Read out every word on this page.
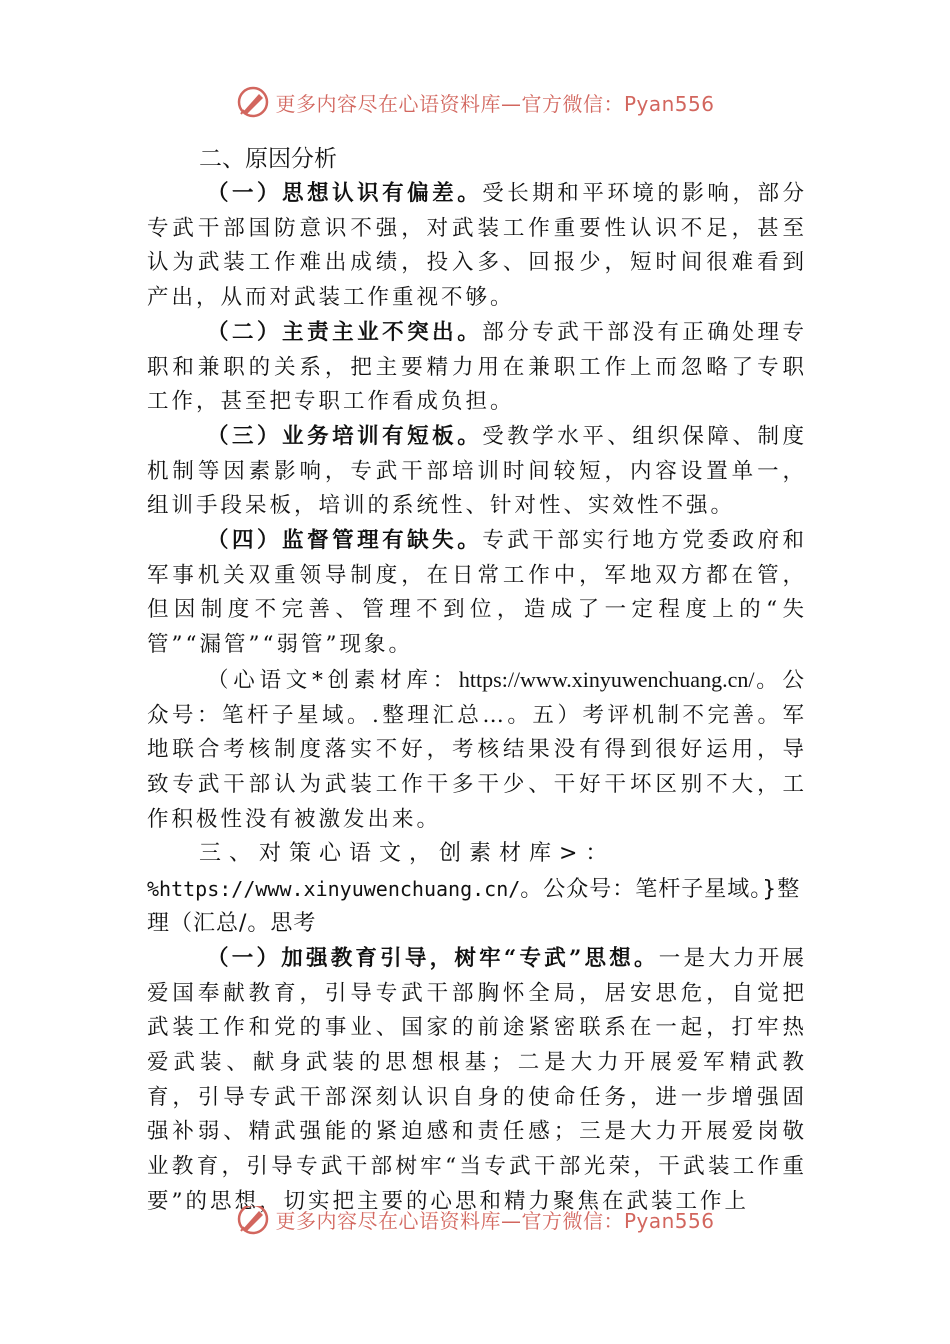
更多内容尽在心语资料库—官方微信：Pyan556

二、原因分析

（一）思想认识有偏差。受长期和平环境的影响，部分专武干部国防意识不强，对武装工作重要性认识不足，甚至认为武装工作难出成绩，投入多、回报少，短时间很难看到产出，从而对武装工作重视不够。

（二）主责主业不突出。部分专武干部没有正确处理专职和兼职的关系，把主要精力用在兼职工作上而忽略了专职工作，甚至把专职工作看成负担。

（三）业务培训有短板。受教学水平、组织保障、制度机制等因素影响，专武干部培训时间较短，内容设置单一，组训手段呆板，培训的系统性、针对性、实效性不强。

（四）监督管理有缺失。专武干部实行地方党委政府和军事机关双重领导制度，在日常工作中，军地双方都在管，但因制度不完善、管理不到位，造成了一定程度上的“失管”“漏管”“弱管”现象。

（心语文*创素材库：https://www.xinyuwenchuang.cn/。公众号：笔杆子星域。.整理汇总…。五）考评机制不完善。军地联合考核制度落实不好，考核结果没有得到很好运用，导致专武干部认为武装工作干多干少、干好干坏区别不大，工作积极性没有被激发出来。

三、对策心语文，创素材库>：%https://www.xinyuwenchuang.cn/。公众号：笔杆子星域。}整理（汇总/。思考

（一）加强教育引导，树牢“专武”思想。一是大力开展爱国奉献教育，引导专武干部胸怀全局，居安思危，自觉把武装工作和党的事业、国家的前途紧密联系在一起，打牢热爱武装、献身武装的思想根基；二是大力开展爱军精武教育，引导专武干部深刻认识自身的使命任务，进一步增强固强补弱、精武强能的紧迫感和责任感；三是大力开展爱岗敬业教育，引导专武干部树牢“当专武干部光荣，干武装工作重要”的思想，切实把主要的心思和精力聚焦在武装工作上

更多内容尽在心语资料库—官方微信：Pyan556
